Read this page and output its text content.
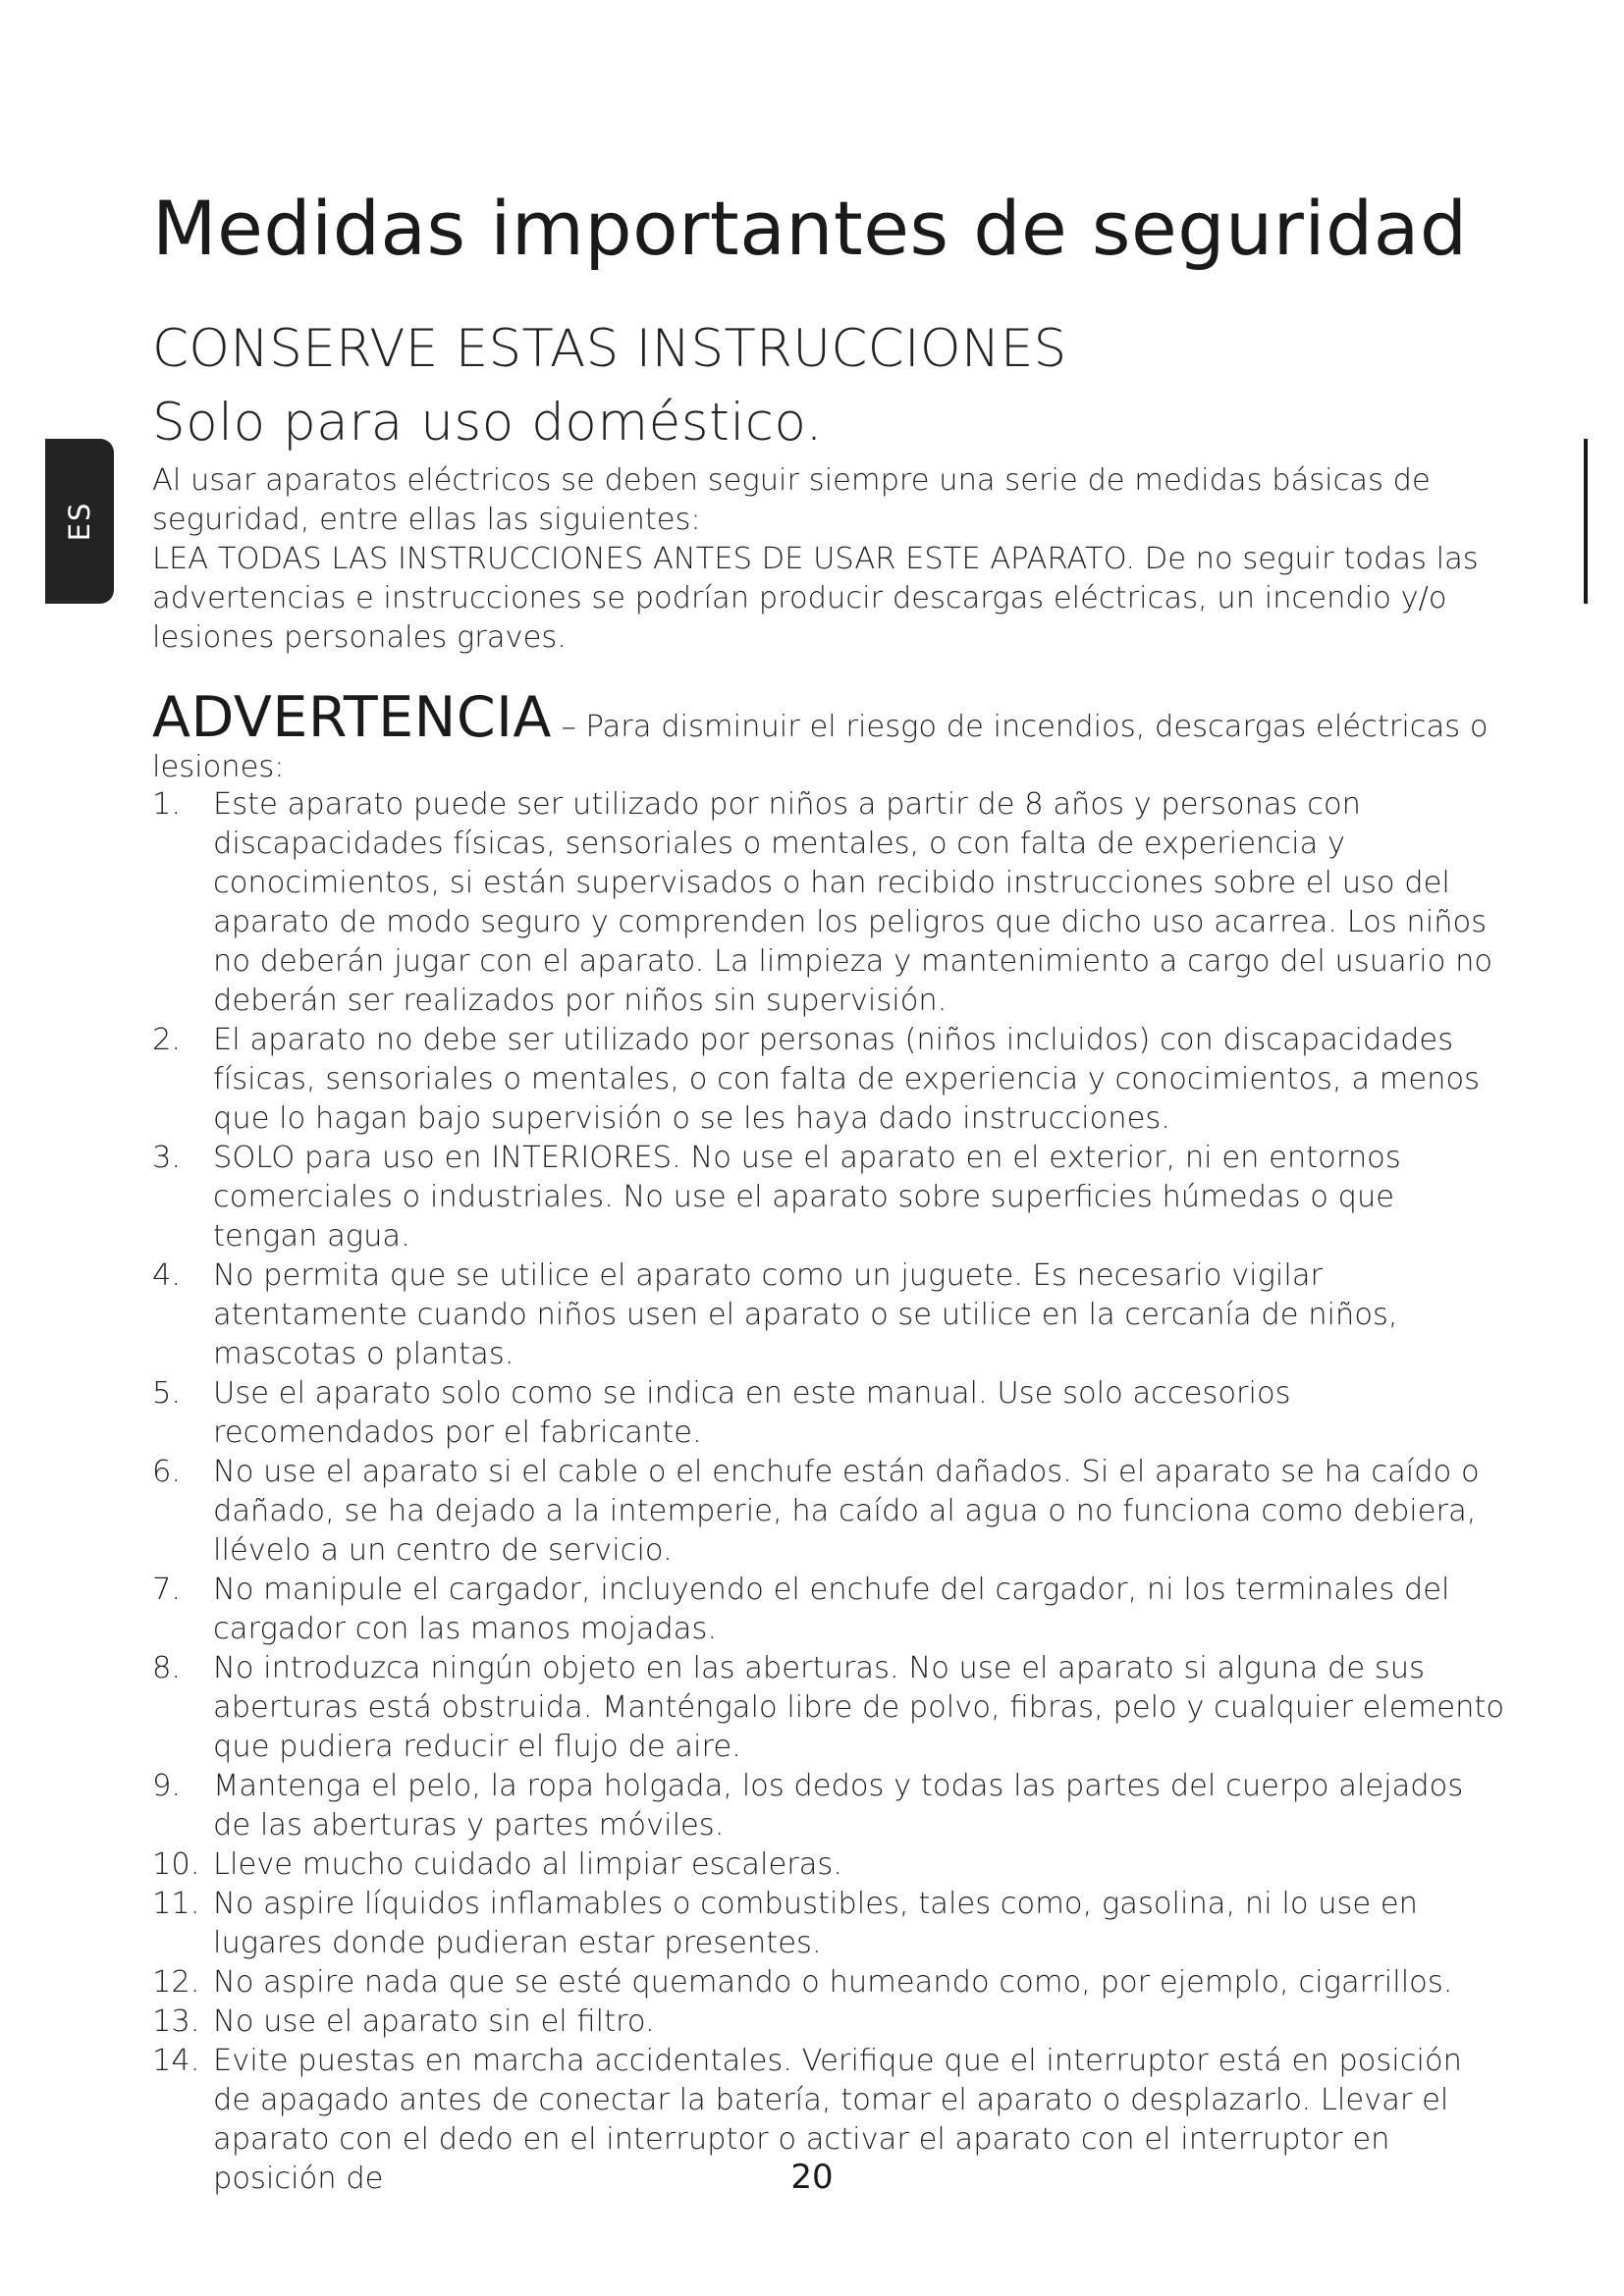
Medidas importantes de seguridad
CONSERVE ESTAS INSTRUCCIONES
Solo para uso doméstico.
ES

Al usar aparatos eléctricos se deben seguir siempre una serie de medidas básicas de seguridad, entre ellas las siguientes:

LEA TODAS LAS INSTRUCCIONES ANTES DE USAR ESTE APARATO. De no seguir todas las advertencias e instrucciones se podrían producir descargas eléctricas, un incendio y/o lesiones personales graves.

ADVERTENCIA – Para disminuir el riesgo de incendios, descargas eléctricas o lesiones:

1. Este aparato puede ser utilizado por niños a partir de 8 años y personas con discapacidades físicas, sensoriales o mentales, o con falta de experiencia y conocimientos, si están supervisados o han recibido instrucciones sobre el uso del aparato de modo seguro y comprenden los peligros que dicho uso acarrea. Los niños no deberán jugar con el aparato. La limpieza y mantenimiento a cargo del usuario no deberán ser realizados por niños sin supervisión.
2. El aparato no debe ser utilizado por personas (niños incluidos) con discapacidades físicas, sensoriales o mentales, o con falta de experiencia y conocimientos, a menos que lo hagan bajo supervisión o se les haya dado instrucciones.
3. SOLO para uso en INTERIORES. No use el aparato en el exterior, ni en entornos comerciales o industriales. No use el aparato sobre superficies húmedas o que tengan agua.
4. No permita que se utilice el aparato como un juguete. Es necesario vigilar atentamente cuando niños usen el aparato o se utilice en la cercanía de niños, mascotas o plantas.
5. Use el aparato solo como se indica en este manual. Use solo accesorios recomendados por el fabricante.
6. No use el aparato si el cable o el enchufe están dañados. Si el aparato se ha caído o dañado, se ha dejado a la intemperie, ha caído al agua o no funciona como debiera, llévelo a un centro de servicio.
7. No manipule el cargador, incluyendo el enchufe del cargador, ni los terminales del cargador con las manos mojadas.
8. No introduzca ningún objeto en las aberturas. No use el aparato si alguna de sus aberturas está obstruida. Manténgalo libre de polvo, fibras, pelo y cualquier elemento que pudiera reducir el flujo de aire.
9. Mantenga el pelo, la ropa holgada, los dedos y todas las partes del cuerpo alejados de las aberturas y partes móviles.
10. Lleve mucho cuidado al limpiar escaleras.
11. No aspire líquidos inflamables o combustibles, tales como, gasolina, ni lo use en lugares donde pudieran estar presentes.
12. No aspire nada que se esté quemando o humeando como, por ejemplo, cigarrillos.
13. No use el aparato sin el filtro.
14. Evite puestas en marcha accidentales. Verifique que el interruptor está en posición de apagado antes de conectar la batería, tomar el aparato o desplazarlo. Llevar el aparato con el dedo en el interruptor o activar el aparato con el interruptor en posición de	20
